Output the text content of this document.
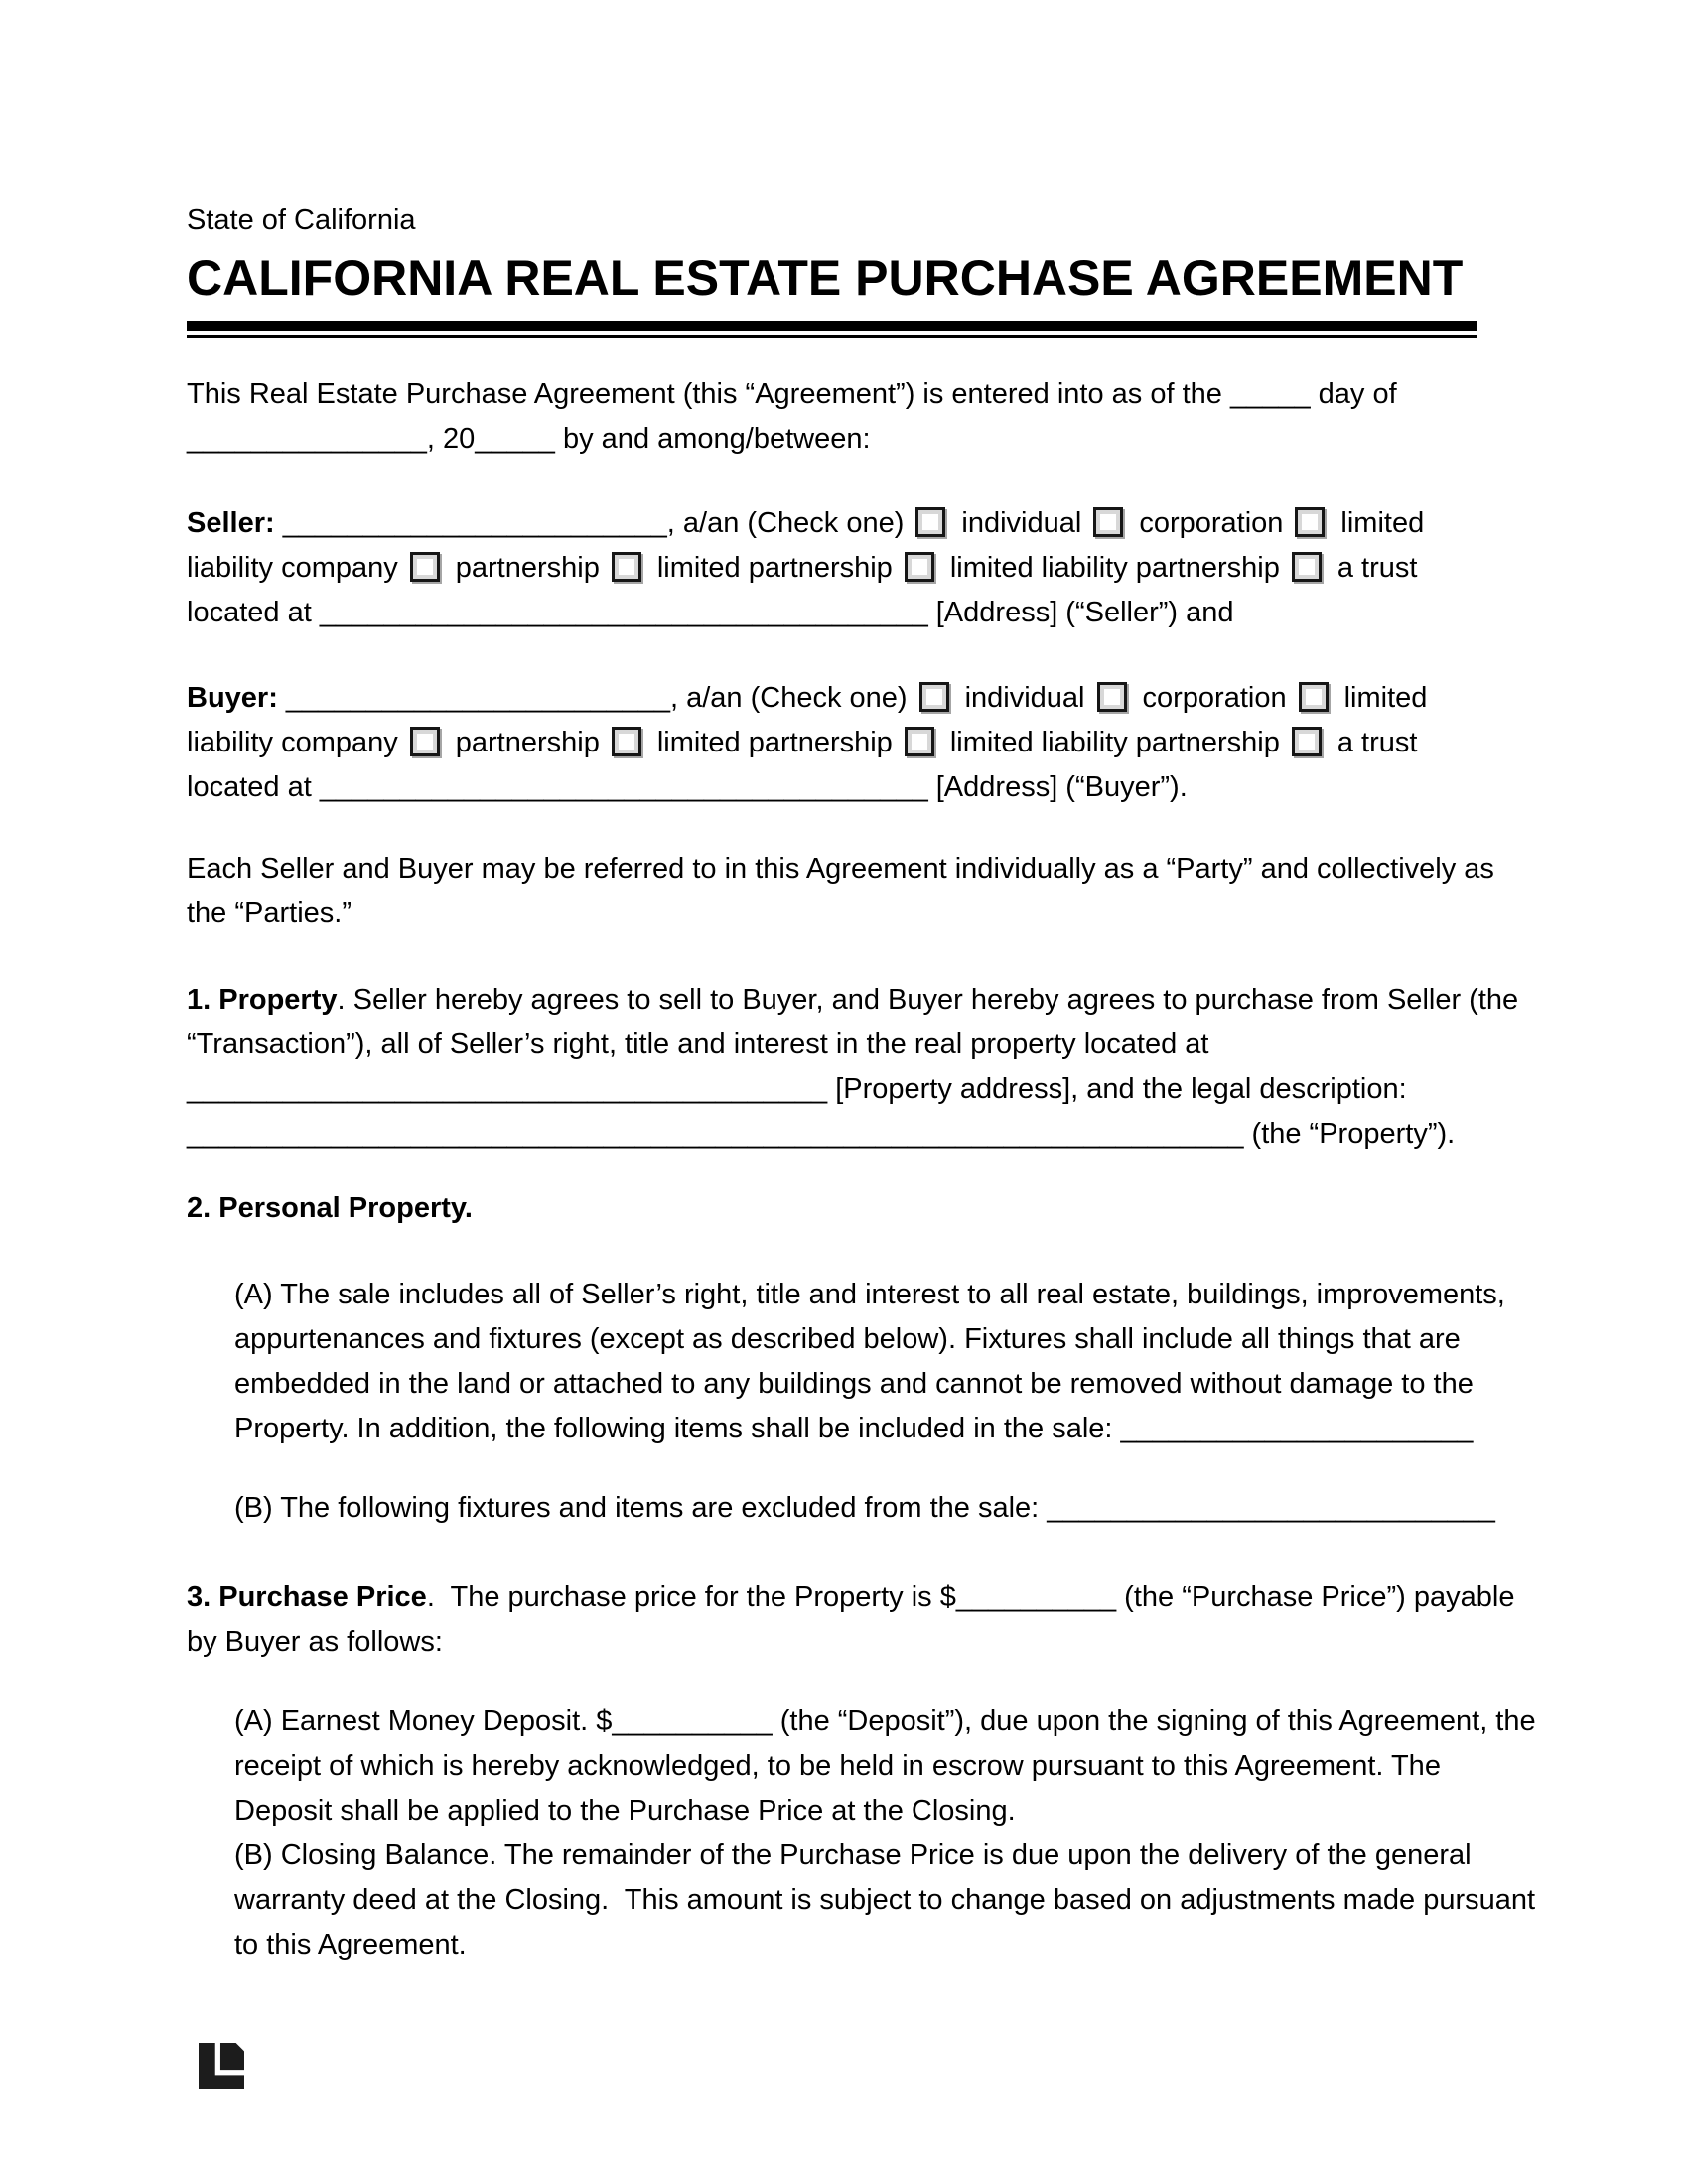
State of California
CALIFORNIA REAL ESTATE PURCHASE AGREEMENT
This Real Estate Purchase Agreement (this “Agreement”) is entered into as of the _____ day of
_______________, 20_____ by and among/between:
Seller: ________________________, a/an (Check one) individual corporation limited
liability company partnership limited partnership limited liability partnership a trust
located at ______________________________________ [Address] (“Seller”) and
Buyer: ________________________, a/an (Check one) individual corporation limited
liability company partnership limited partnership limited liability partnership a trust
located at ______________________________________ [Address] (“Buyer”).
Each Seller and Buyer may be referred to in this Agreement individually as a “Party” and collectively as
the “Parties.”
1. Property. Seller hereby agrees to sell to Buyer, and Buyer hereby agrees to purchase from Seller (the
“Transaction”), all of Seller’s right, title and interest in the real property located at
________________________________________ [Property address], and the legal description:
__________________________________________________________________ (the “Property”).
2. Personal Property.
(A) The sale includes all of Seller’s right, title and interest to all real estate, buildings, improvements,
appurtenances and fixtures (except as described below). Fixtures shall include all things that are
embedded in the land or attached to any buildings and cannot be removed without damage to the
Property. In addition, the following items shall be included in the sale: ______________________
(B) The following fixtures and items are excluded from the sale: ____________________________
3. Purchase Price.  The purchase price for the Property is $__________ (the “Purchase Price”) payable
by Buyer as follows:
(A) Earnest Money Deposit. $__________ (the “Deposit”), due upon the signing of this Agreement, the
receipt of which is hereby acknowledged, to be held in escrow pursuant to this Agreement. The
Deposit shall be applied to the Purchase Price at the Closing.
(B) Closing Balance. The remainder of the Purchase Price is due upon the delivery of the general
warranty deed at the Closing.  This amount is subject to change based on adjustments made pursuant
to this Agreement.
